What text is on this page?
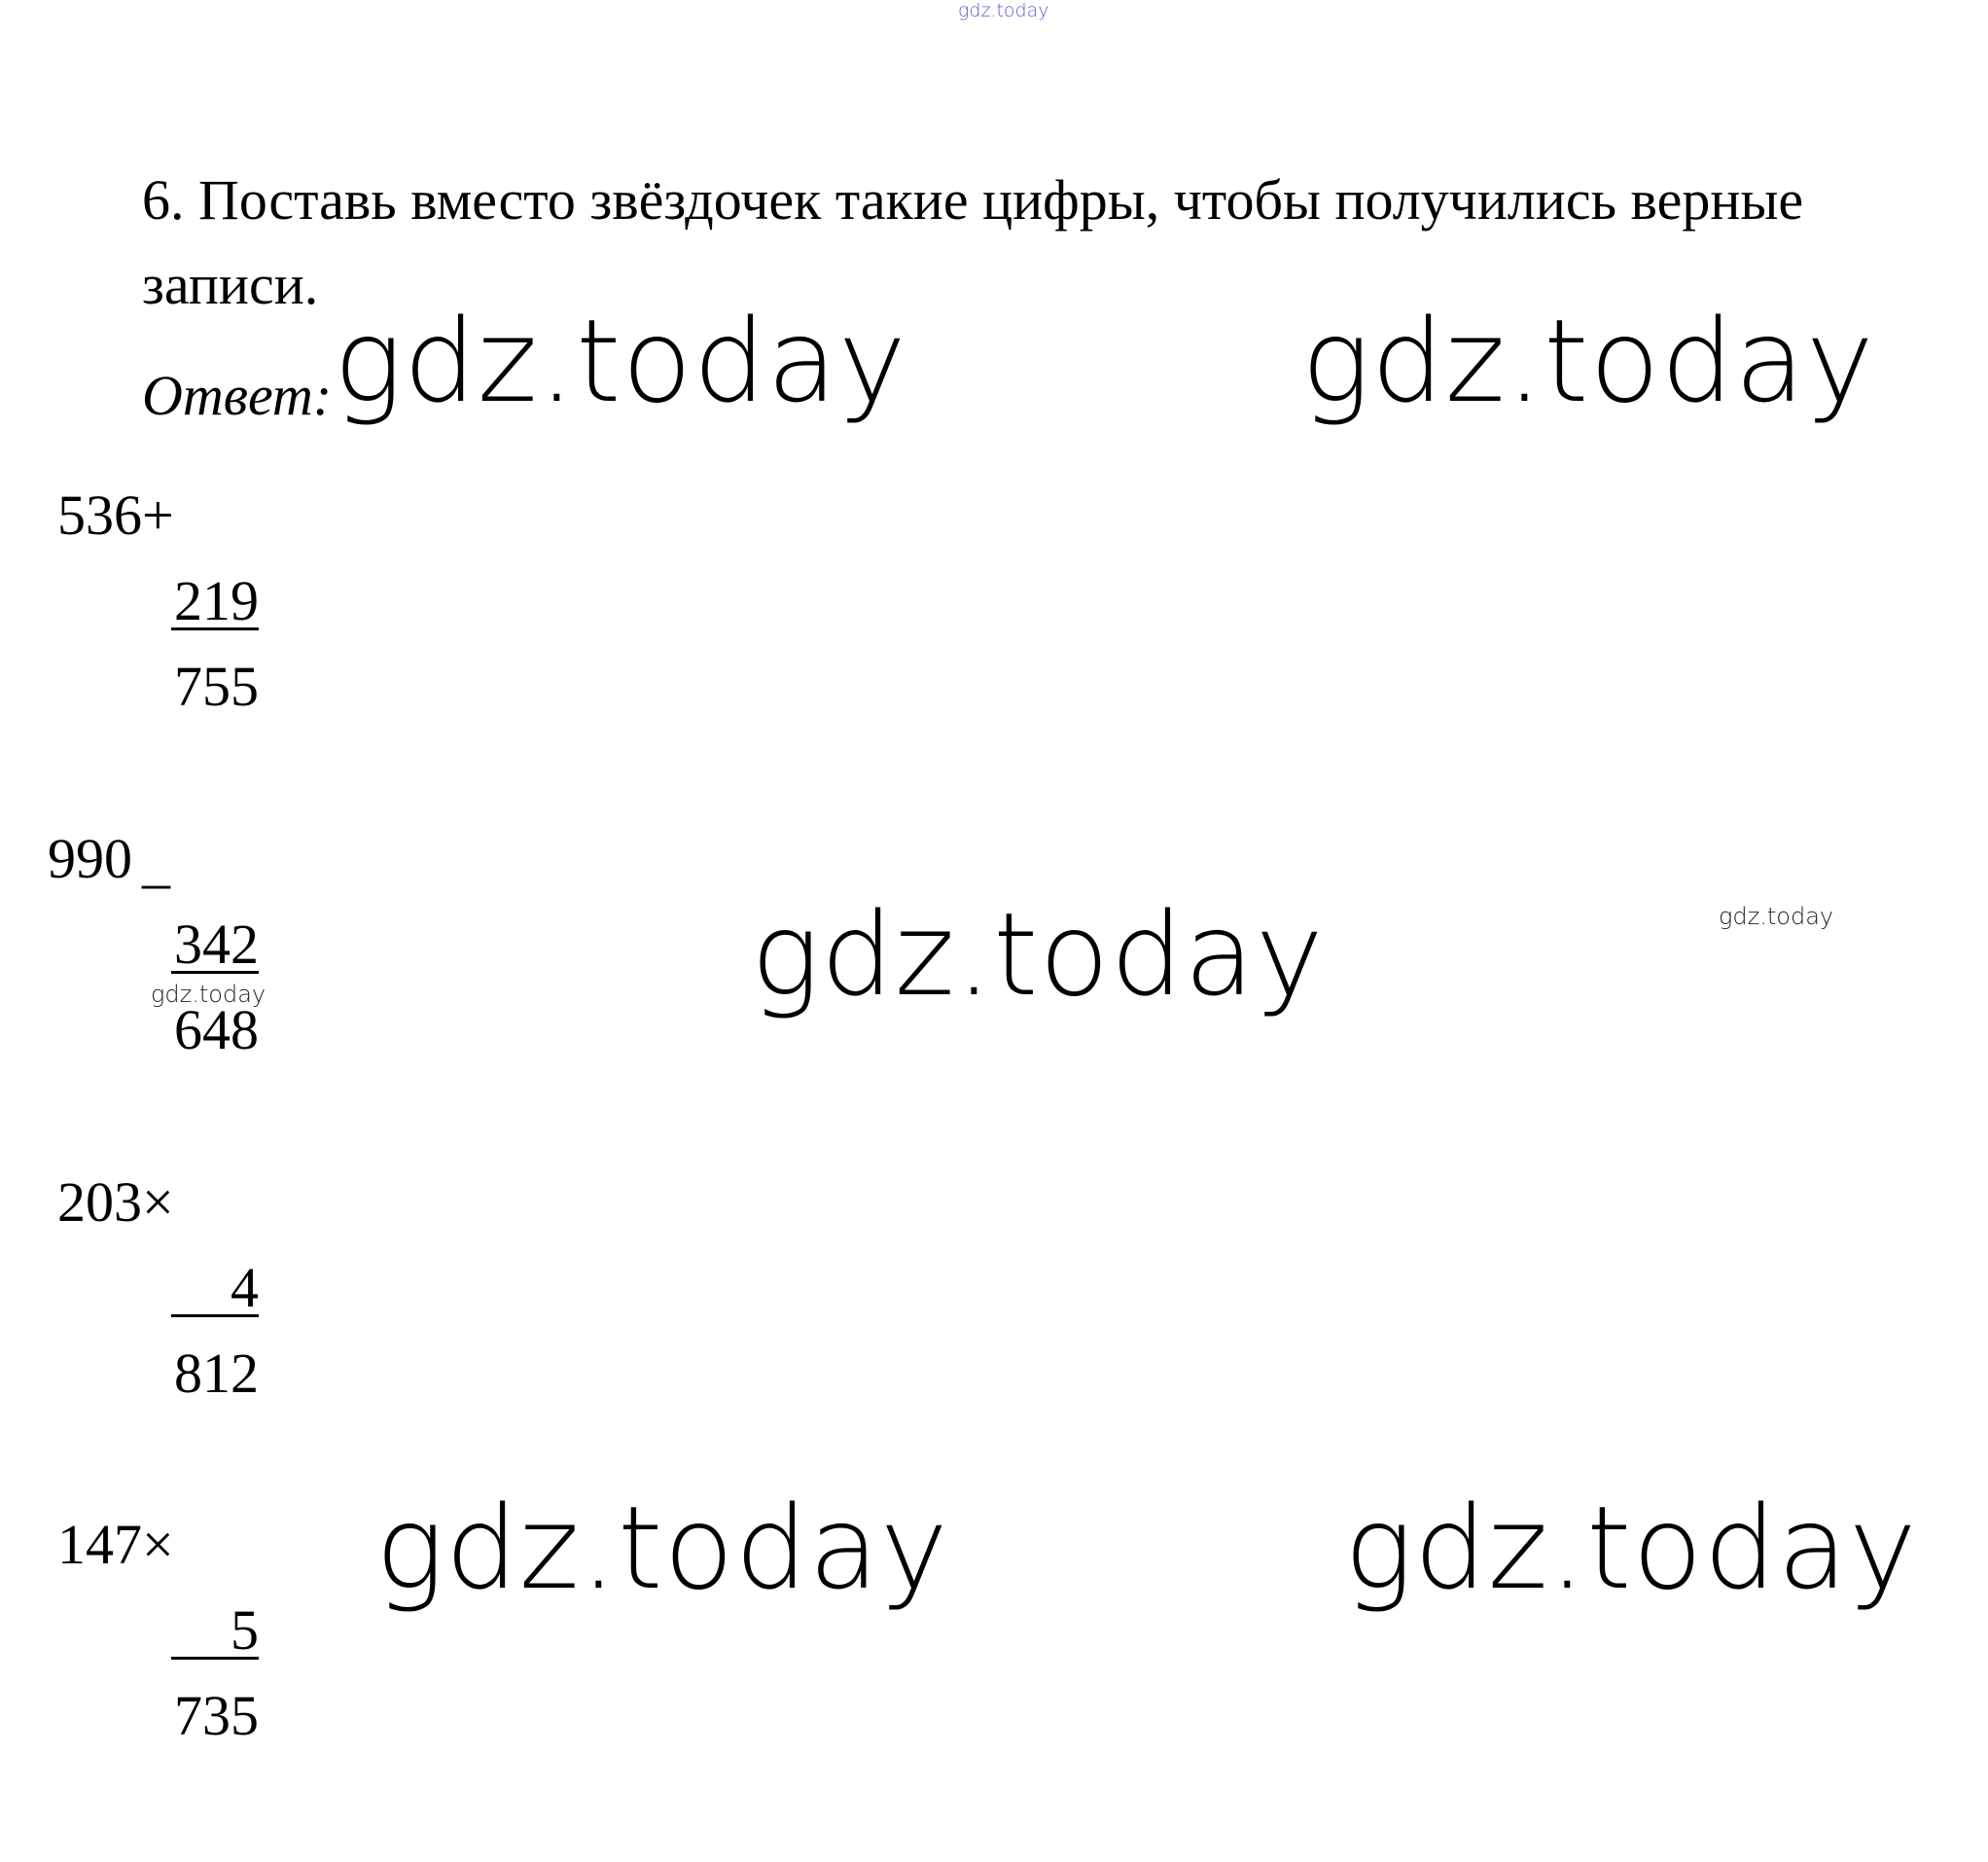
gdz.today
6. Поставь вместо звёздочек такие цифры, чтобы получились верные записи.
Ответ:
+
536
219
755
_
990
342
648
gdz.today
×
203
4
812
×
147
5
735
gdz.today	gdz.today
gdz.today
gdz.today	gdz.today
gdz.today
